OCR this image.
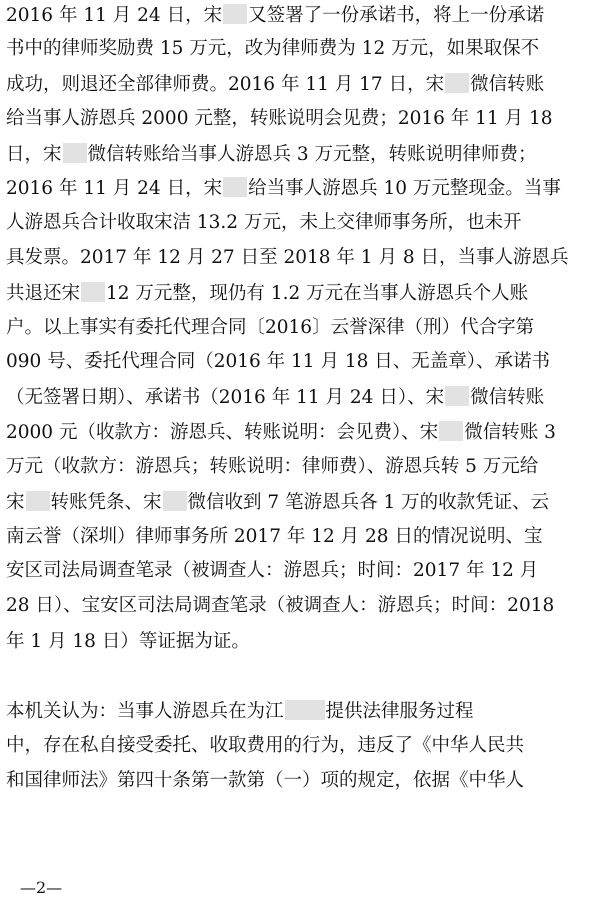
2016 年 11 月 24 日，宋 又签署了一份承诺书，将上一份承诺
书中的律师奖励费 15 万元，改为律师费为 12 万元，如果取保不
成功，则退还全部律师费。2016 年 11 月 17 日，宋 微信转账
给当事人游恩兵 2000 元整，转账说明会见费；2016 年 11 月 18
日，宋 微信转账给当事人游恩兵 3 万元整，转账说明律师费；
2016 年 11 月 24 日，宋 给当事人游恩兵 10 万元整现金。当事
人游恩兵合计收取宋洁 13.2 万元，未上交律师事务所，也未开
具发票。2017 年 12 月 27 日至 2018 年 1 月 8 日，当事人游恩兵
共退还宋 12 万元整，现仍有 1.2 万元在当事人游恩兵个人账
户。以上事实有委托代理合同〔2016〕云誉深律（刑）代合字第
090 号、委托代理合同（2016 年 11 月 18 日、无盖章）、承诺书
（无签署日期）、承诺书（2016 年 11 月 24 日）、宋 微信转账
2000 元（收款方：游恩兵、转账说明：会见费）、宋 微信转账 3
万元（收款方：游恩兵；转账说明：律师费）、游恩兵转 5 万元给
宋 转账凭条、宋 微信收到 7 笔游恩兵各 1 万的收款凭证、云
南云誉（深圳）律师事务所 2017 年 12 月 28 日的情况说明、宝
安区司法局调查笔录（被调查人：游恩兵；时间：2017 年 12 月
28 日）、宝安区司法局调查笔录（被调查人：游恩兵；时间：2018
年 1 月 18 日）等证据为证。
本机关认为：当事人游恩兵在为江 提供法律服务过程
中，存在私自接受委托、收取费用的行为，违反了《中华人民共
和国律师法》第四十条第一款第（一）项的规定，依据《中华人
—2—
